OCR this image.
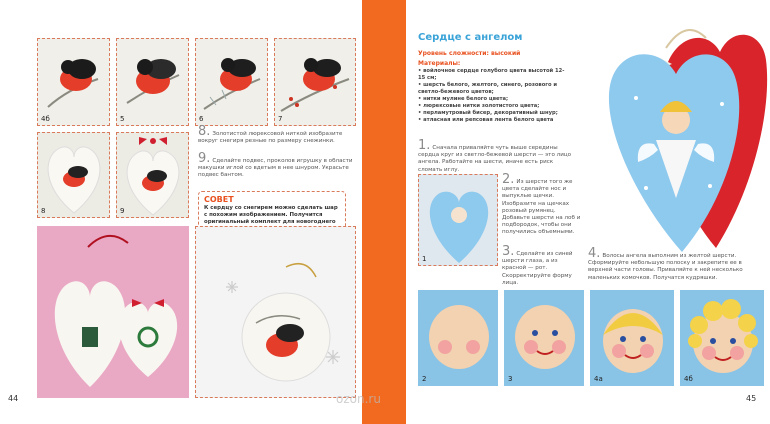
4б	5	6	7
8	9
8. Золотистой люрексовой ниткой изобразите вокруг снегиря резные по размеру снежинки.
9. Сделайте подвес, проколов игрушку в области макушки иглой со вдетым в нее шнуром. Украсьте подвес бантом.
СОВЕТ
К сердцу со снегирем можно сделать шар с похожим изображением. Получится оригинальный комплект для новогоднего
44
Сердце с ангелом
Уровень сложности: высокий
Материалы:
• войлочное сердце голубого цвета высотой 12-15 см;
• шерсть белого, желтого, синего, розового и светло-бежевого цветов;
• нитки мулине белого цвета;
• люрексовые нитки золотистого цвета;
• перламутровый бисер, декоративный шнур;
• атласная или репсовая лента белого цвета
1. Сначала приваляйте чуть выше середины сердца круг из светло-бежевой шерсти — это лицо ангела. Работайте на шести, иначе есть риск сломать иглу.
1
2. Из шерсти того же цвета сделайте нос и выпуклые щечки. Изобразите на щечках розовый румянец. Добавьте шерсти на лоб и подбородок, чтобы они получились объемными.
3. Сделайте из синей шерсти глаза, а из красной — рот. Скорректируйте форму лица.
4. Волосы ангела выполним из желтой шерсти. Сформируйте небольшую полоску и закрепите ее в верхней части головы. Приваляйте к ней несколько маленьких комочков. Получатся кудряшки.
2	3	4а	4б
ozon.ru	45
